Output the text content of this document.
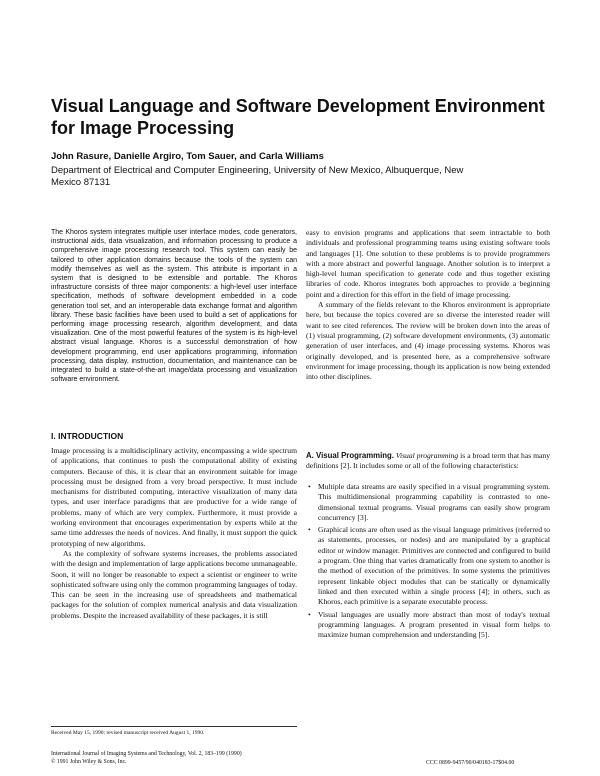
Visual Language and Software Development Environment for Image Processing
John Rasure, Danielle Argiro, Tom Sauer, and Carla Williams
Department of Electrical and Computer Engineering, University of New Mexico, Albuquerque, New Mexico 87131

The Khoros system integrates multiple user interface modes, code generators, instructional aids, data visualization, and information processing to produce a comprehensive image processing research tool. This system can easily be tailored to other application domains because the tools of the system can modify themselves as well as the system. This attribute is important in a system that is designed to be extensible and portable. The Khoros infrastructure consists of three major components: a high-level user interface specification, methods of software development embedded in a code generation tool set, and an interoperable data exchange format and algorithm library. These basic facilities have been used to build a set of applications for performing image processing research, algorithm development, and data visualization. One of the most powerful features of the system is its high-level abstract visual language. Khoros is a successful demonstration of how development programming, end user applications programming, information processing, data display, instruction, documentation, and maintenance can be integrated to build a state-of-the-art image/data processing and visualization software environment.

I. INTRODUCTION

Image processing is a multidisciplinary activity, encompassing a wide spectrum of applications, that continues to push the computational ability of existing computers. Because of this, it is clear that an environment suitable for image processing must be designed from a very broad perspective. It must include mechanisms for distributed computing, interactive visualization of many data types, and user interface paradigms that are productive for a wide range of problems, many of which are very complex. Furthermore, it must provide a working environment that encourages experimentation by experts while at the same time addresses the needs of novices. And finally, it must support the quick prototyping of new algorithms.

As the complexity of software systems increases, the problems associated with the design and implementation of large applications become unmanageable. Soon, it will no longer be reasonable to expect a scientist or engineer to write sophisticated software using only the common programming languages of today. This can be seen in the increasing use of spreadsheets and mathematical packages for the solution of complex numerical analysis and data visualization problems. Despite the increased availability of these packages, it is still

easy to envision programs and applications that seem intractable to both individuals and professional programming teams using existing software tools and languages [1]. One solution to these problems is to provide programmers with a more abstract and powerful language. Another solution is to interpret a high-level human specification to generate code and thus together existing libraries of code. Khoros integrates both approaches to provide a beginning point and a direction for this effort in the field of image processing.

A summary of the fields relevant to the Khoros environment is appropriate here, but because the topics covered are so diverse the interested reader will want to see cited references. The review will be broken down into the areas of (1) visual programming, (2) software development environments, (3) automatic generation of user interfaces, and (4) image processing systems. Khoros was originally developed, and is presented here, as a comprehensive software environment for image processing, though its application is now being extended into other disciplines.

A. Visual Programming. Visual programming is a broad term that has many definitions [2]. It includes some or all of the following characteristics:

• Multiple data streams are easily specified in a visual programming system. This multidimensional programming capability is contrasted to one-dimensional textual programs. Visual programs can easily show program concurrency [3].
• Graphical icons are often used as the visual language primitives (referred to as statements, processes, or nodes) and are manipulated by a graphical editor or window manager. Primitives are connected and configured to build a program. One thing that varies dramatically from one system to another is the method of execution of the primitives. In some systems the primitives represent linkable object modules that can be statically or dynamically linked and then executed within a single process [4]; in others, such as Khoros, each primitive is a separate executable process.
• Visual languages are usually more abstract than most of today's textual programming languages. A program presented in visual form helps to maximize human comprehension and understanding [5].
Received May 15, 1990; revised manuscript received August 1, 1990.
International Journal of Imaging Systems and Technology, Vol. 2, 183–199 (1990)
© 1991 John Wiley & Sons, Inc.	CCC 0899-9457/90/040183-17$04.00
